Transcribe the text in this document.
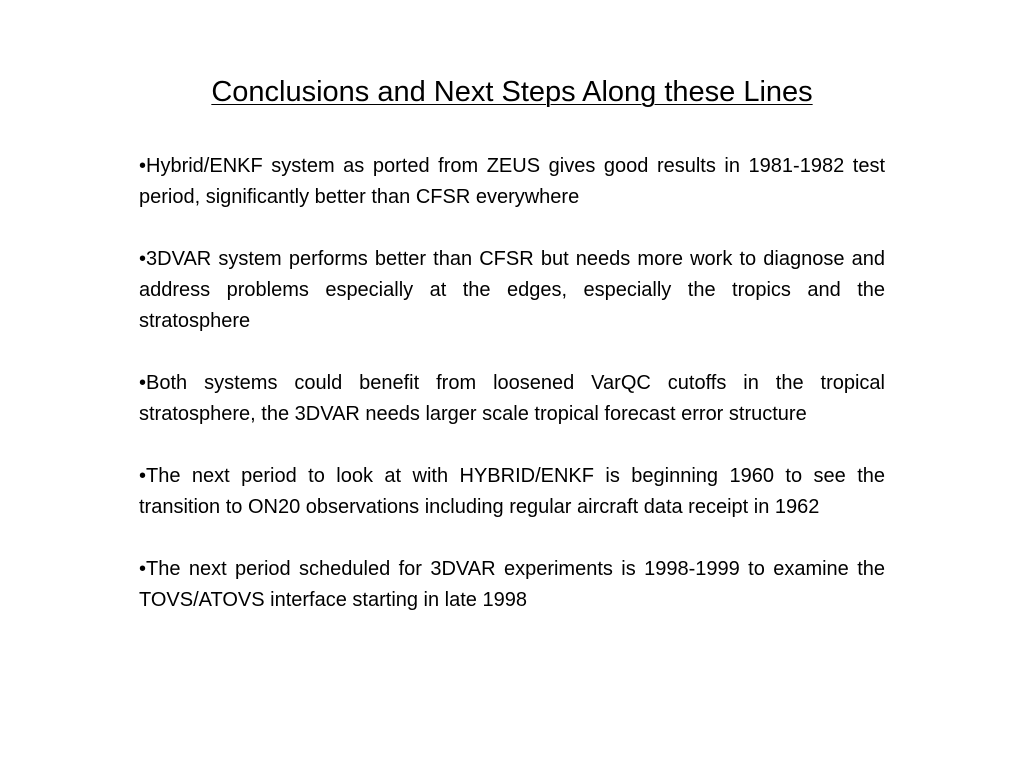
Conclusions and Next Steps Along these Lines

•Hybrid/ENKF system as ported from ZEUS gives good results in 1981-1982 test period, significantly better than CFSR everywhere

•3DVAR system performs better than CFSR but needs more work to diagnose and address problems especially at the edges, especially the tropics and the stratosphere

•Both systems could benefit from loosened VarQC cutoffs in the tropical stratosphere, the 3DVAR needs larger scale tropical forecast error structure

•The next period to look at with HYBRID/ENKF is beginning 1960 to see the transition to ON20 observations including regular aircraft data receipt in 1962

•The next period scheduled for 3DVAR experiments is 1998-1999 to examine the TOVS/ATOVS interface starting in late 1998
